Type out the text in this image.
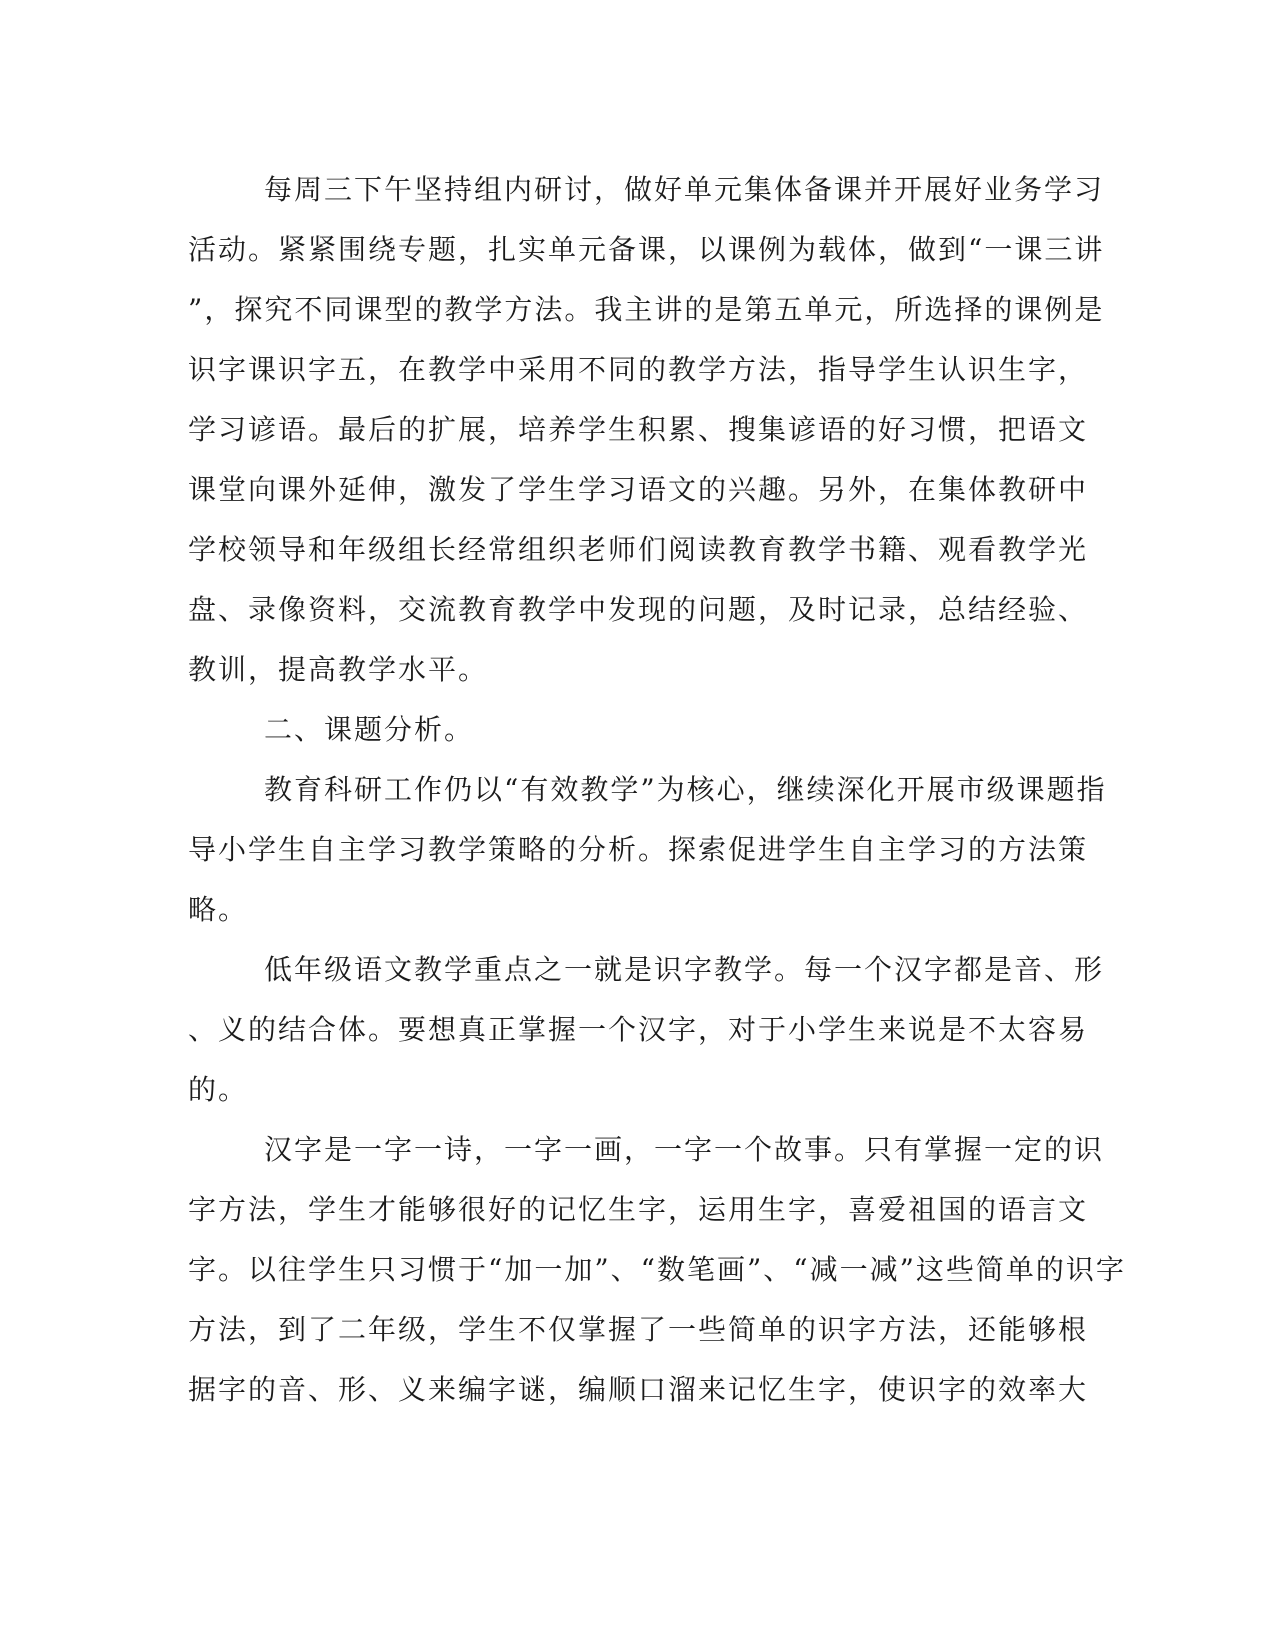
每周三下午坚持组内研讨，做好单元集体备课并开展好业务学习
活动。紧紧围绕专题，扎实单元备课，以课例为载体，做到“一课三讲
”，探究不同课型的教学方法。我主讲的是第五单元，所选择的课例是
识字课识字五，在教学中采用不同的教学方法，指导学生认识生字，
学习谚语。最后的扩展，培养学生积累、搜集谚语的好习惯，把语文
课堂向课外延伸，激发了学生学习语文的兴趣。另外，在集体教研中
学校领导和年级组长经常组织老师们阅读教育教学书籍、观看教学光
盘、录像资料，交流教育教学中发现的问题，及时记录，总结经验、
教训，提高教学水平。
二、课题分析。
教育科研工作仍以“有效教学”为核心，继续深化开展市级课题指
导小学生自主学习教学策略的分析。探索促进学生自主学习的方法策
略。
低年级语文教学重点之一就是识字教学。每一个汉字都是音、形
、义的结合体。要想真正掌握一个汉字，对于小学生来说是不太容易
的。
汉字是一字一诗，一字一画，一字一个故事。只有掌握一定的识
字方法，学生才能够很好的记忆生字，运用生字，喜爱祖国的语言文
字。以往学生只习惯于“加一加”、“数笔画”、“减一减”这些简单的识字
方法，到了二年级，学生不仅掌握了一些简单的识字方法，还能够根
据字的音、形、义来编字谜，编顺口溜来记忆生字，使识字的效率大
